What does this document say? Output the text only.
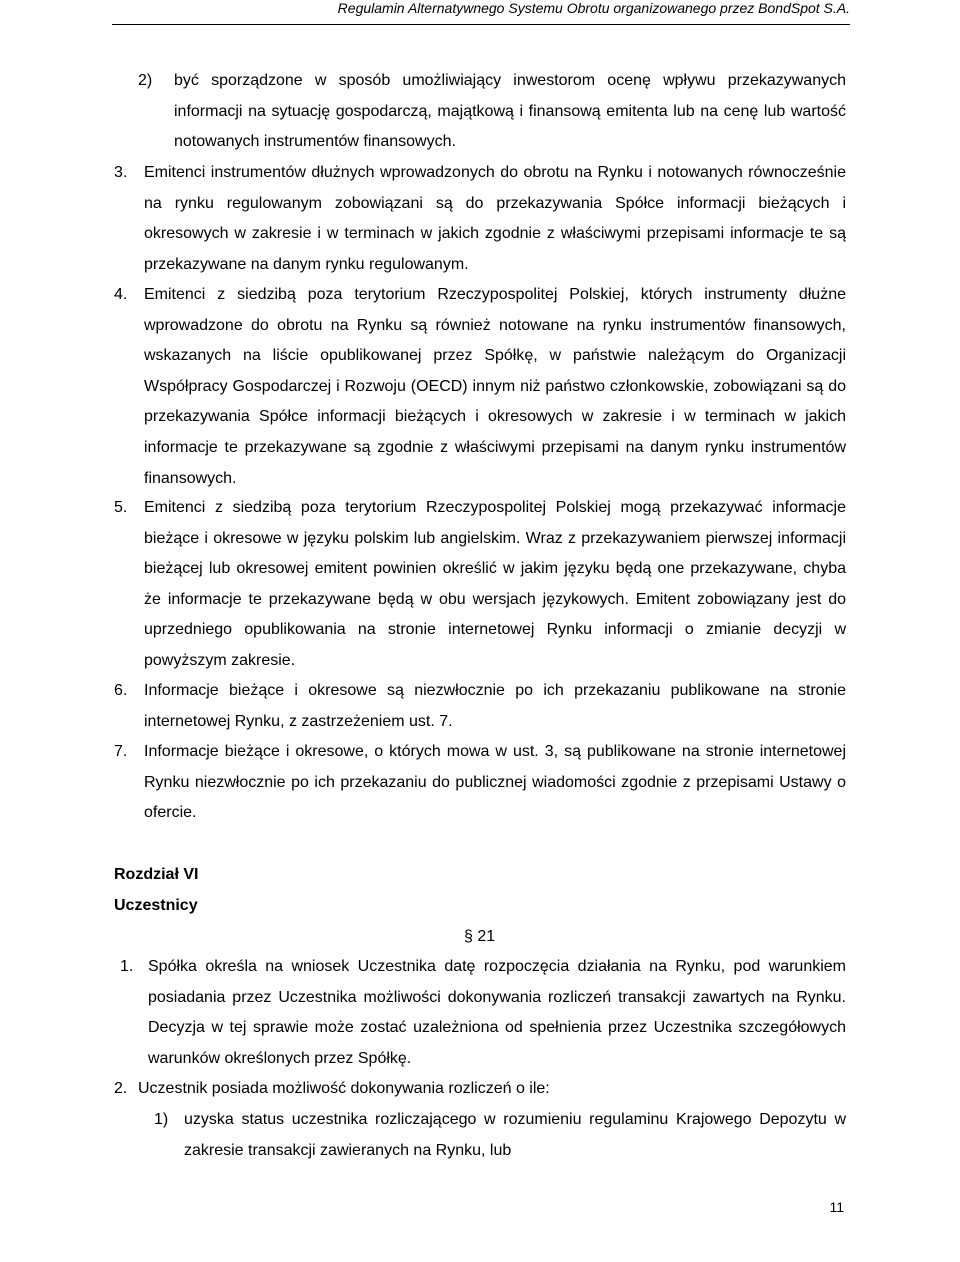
Regulamin Alternatywnego Systemu Obrotu organizowanego przez BondSpot S.A.
2) być sporządzone w sposób umożliwiający inwestorom ocenę wpływu przekazywanych informacji na sytuację gospodarczą, majątkową i finansową emitenta lub na cenę lub wartość notowanych instrumentów finansowych.
3. Emitenci instrumentów dłużnych wprowadzonych do obrotu na Rynku i notowanych równocześnie na rynku regulowanym zobowiązani są do przekazywania Spółce informacji bieżących i okresowych w zakresie i w terminach w jakich zgodnie z właściwymi przepisami informacje te są przekazywane na danym rynku regulowanym.
4. Emitenci z siedzibą poza terytorium Rzeczypospolitej Polskiej, których instrumenty dłużne wprowadzone do obrotu na Rynku są również notowane na rynku instrumentów finansowych, wskazanych na liście opublikowanej przez Spółkę, w państwie należącym do Organizacji Współpracy Gospodarczej i Rozwoju (OECD) innym niż państwo członkowskie, zobowiązani są do przekazywania Spółce informacji bieżących i okresowych w zakresie i w terminach w jakich informacje te przekazywane są zgodnie z właściwymi przepisami na danym rynku instrumentów finansowych.
5. Emitenci z siedzibą poza terytorium Rzeczypospolitej Polskiej mogą przekazywać informacje bieżące i okresowe w języku polskim lub angielskim. Wraz z przekazywaniem pierwszej informacji bieżącej lub okresowej emitent powinien określić w jakim języku będą one przekazywane, chyba że informacje te przekazywane będą w obu wersjach językowych. Emitent zobowiązany jest do uprzedniego opublikowania na stronie internetowej Rynku informacji o zmianie decyzji w powyższym zakresie.
6. Informacje bieżące i okresowe są niezwłocznie po ich przekazaniu publikowane na stronie internetowej Rynku, z zastrzeżeniem ust. 7.
7. Informacje bieżące i okresowe, o których mowa w ust. 3, są publikowane na stronie internetowej Rynku niezwłocznie po ich przekazaniu do publicznej wiadomości zgodnie z przepisami Ustawy o ofercie.
Rozdział VI
Uczestnicy
§ 21
1. Spółka określa na wniosek Uczestnika datę rozpoczęcia działania na Rynku, pod warunkiem posiadania przez Uczestnika możliwości dokonywania rozliczeń transakcji zawartych na Rynku. Decyzja w tej sprawie może zostać uzależniona od spełnienia przez Uczestnika szczegółowych warunków określonych przez Spółkę.
2. Uczestnik posiada możliwość dokonywania rozliczeń o ile:
1) uzyska status uczestnika rozliczającego w rozumieniu regulaminu Krajowego Depozytu w zakresie transakcji zawieranych na Rynku, lub
11
